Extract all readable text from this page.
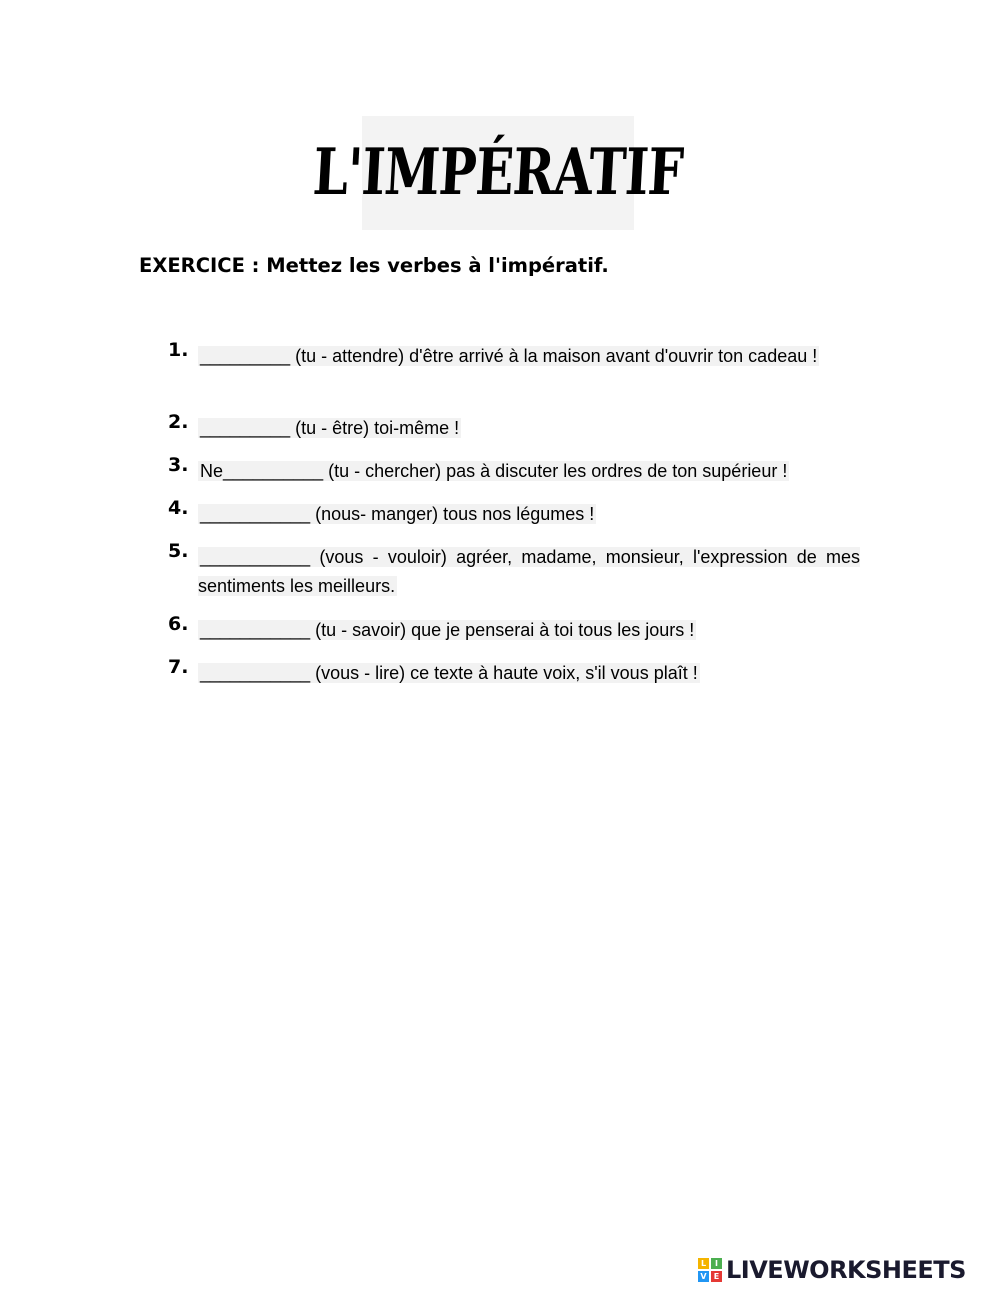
L'IMPÉRATIF
EXERCICE : Mettez les verbes à l'impératif.
1. _________ (tu - attendre) d'être arrivé à la maison avant d'ouvrir ton cadeau !
2. _________ (tu - être) toi-même !
3. Ne__________ (tu - chercher) pas à discuter les ordres de ton supérieur !
4. ___________ (nous- manger) tous nos légumes !
5. ___________ (vous - vouloir) agréer, madame, monsieur, l'expression de mes sentiments les meilleurs.
6. ___________ (tu - savoir) que je penserai à toi tous les jours !
7. ___________ (vous - lire) ce texte à haute voix, s'il vous plaît !
L	I
V E LIVEWORKSHEETS
